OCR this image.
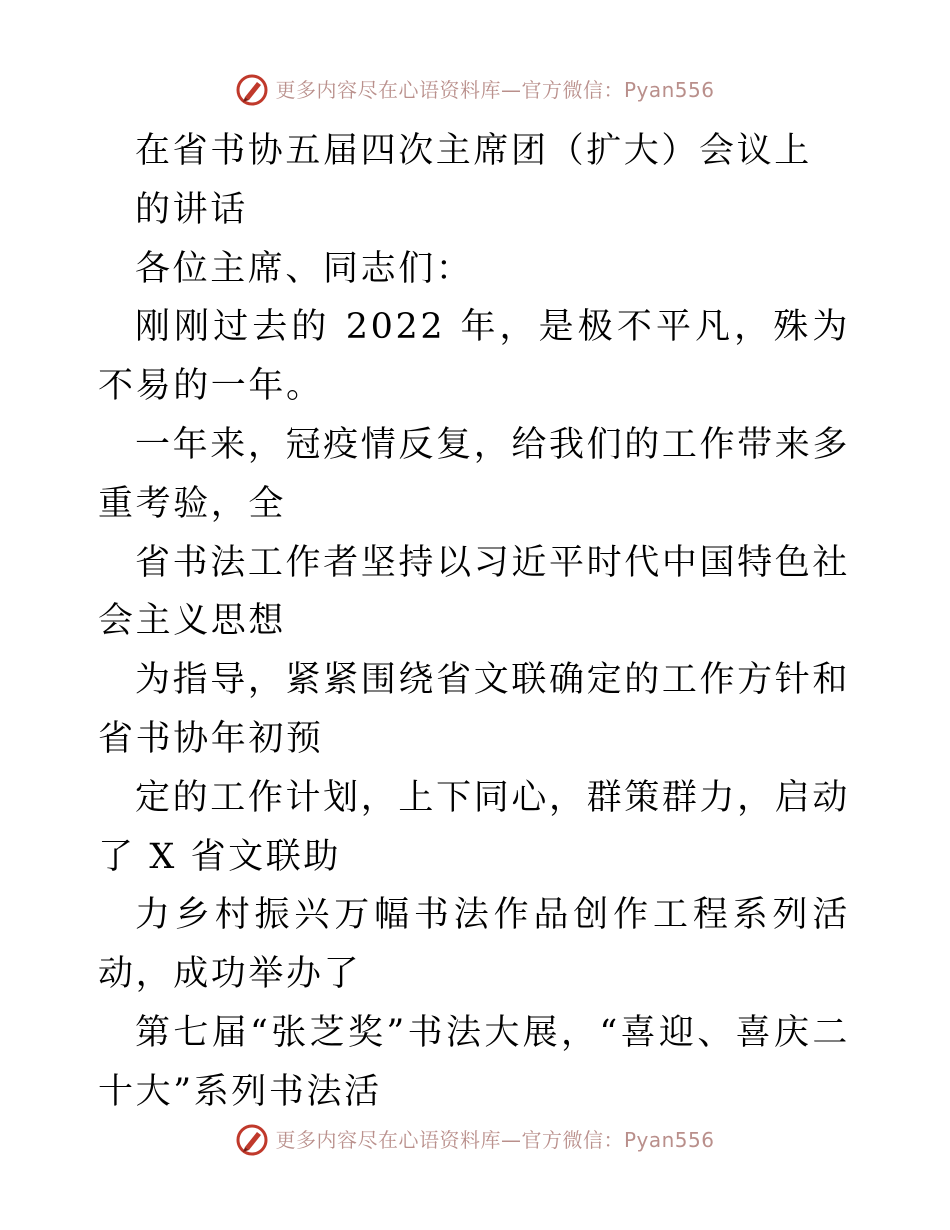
更多内容尽在心语资料库—官方微信：Pyan556

在省书协五届四次主席团（扩大）会议上

的讲话

各位主席、同志们：

刚刚过去的 2022 年，是极不平凡，殊为不易的一年。

一年来，冠疫情反复，给我们的工作带来多重考验，全

省书法工作者坚持以习近平时代中国特色社会主义思想

为指导，紧紧围绕省文联确定的工作方针和省书协年初预

定的工作计划，上下同心，群策群力，启动了 X 省文联助

力乡村振兴万幅书法作品创作工程系列活动，成功举办了

第七届“张芝奖”书法大展，“喜迎、喜庆二十大”系列书法活

更多内容尽在心语资料库—官方微信：Pyan556
